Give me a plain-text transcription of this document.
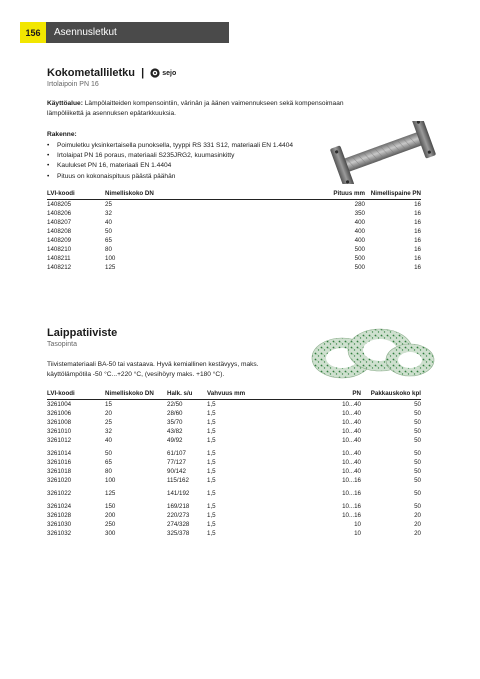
156	Asennusletkut
Kokometalliletku |	sejo
Irtolaipoin PN 16
Käyttöalue: Lämpölaitteiden kompensointiin, värinän ja äänen vaimennukseen sekä kompensoimaan lämpöliikettä ja asennuksen epätarkkuuksia.
Rakenne:
• Poimuletku yksinkertaisella punoksella, tyyppi RS 331 S12, materiaali EN 1.4404
• Irtolaipat PN 16 poraus, materiaali S235JRG2, kuumasinkitty
• Kaulukset PN 16, materiaali EN 1.4404
• Pituus on kokonaispituus päästä päähän
LVI-koodi	Nimelliskoko DN	Pituus mm	Nimellispaine PN
1408205	25	280	16
1408206	32	350	16
1408207	40	400	16
1408208	50	400	16
1408209	65	400	16
1408210	80	500	16
1408211	100	500	16
1408212	125	500	16
Laippatiiviste
Tasopinta
Tiivistemateriaali BA-50 tai vastaava. Hyvä kemiallinen kestävyys, maks. käyttölämpötila -50 °C...+220 °C, (vesihöyry maks. +180 °C).
LVI-koodi	Nimelliskoko DN	Halk. s/u	Vahvuus mm	PN	Pakkauskoko kpl
3261004	15	22/50	1,5	10...40	50
3261006	20	28/60	1,5	10...40	50
3261008	25	35/70	1,5	10...40	50
3261010	32	43/82	1,5	10...40	50
3261012	40	49/92	1,5	10...40	50
3261014	50	61/107	1,5	10...40	50
3261016	65	77/127	1,5	10...40	50
3261018	80	90/142	1,5	10...40	50
3261020	100	115/162	1,5	10...16	50
3261022	125	141/192	1,5	10...16	50
3261024	150	169/218	1,5	10...16	50
3261028	200	220/273	1,5	10...16	20
3261030	250	274/328	1,5	10	20
3261032	300	325/378	1,5	10	20
